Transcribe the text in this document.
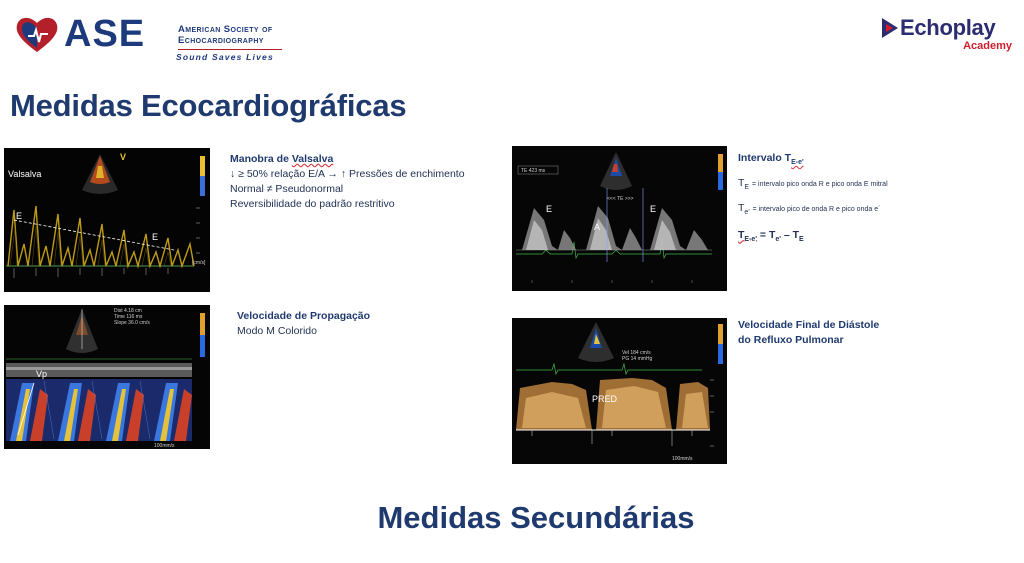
ASE	American Society of
Echocardiography
Sound Saves Lives
Echoplay
Academy
Medidas Ecocardiográficas
Valsalva
E
E
V
[cm/s]
Manobra de Valsalva
↓ ≥ 50% relação E/A → ↑ Pressões de enchimento
Normal ≠ Pseudonormal
Reversibilidade do padrão restritivo
Vp
Dist 4.18 cm
Time 116 ms
Slope 36.0 cm/s
100mm/s
Velocidade de Propagação
Modo M Colorido
TE 423 ms
<<< TE >>>
E
A
E
Intervalo $T_{E-e'}$
$T_E$ = intervalo pico onda R e pico onda E mitral
$T_{e'}$ = intervalo pico de onda R e pico onda e´
$T_{E-e'} = T_{e'} - T_E$
Vel 184 cm/s
PG 14 mmHg
PRED
100mm/s
Velocidade Final de Diástole
do Refluxo Pulmonar
Medidas Secundárias
